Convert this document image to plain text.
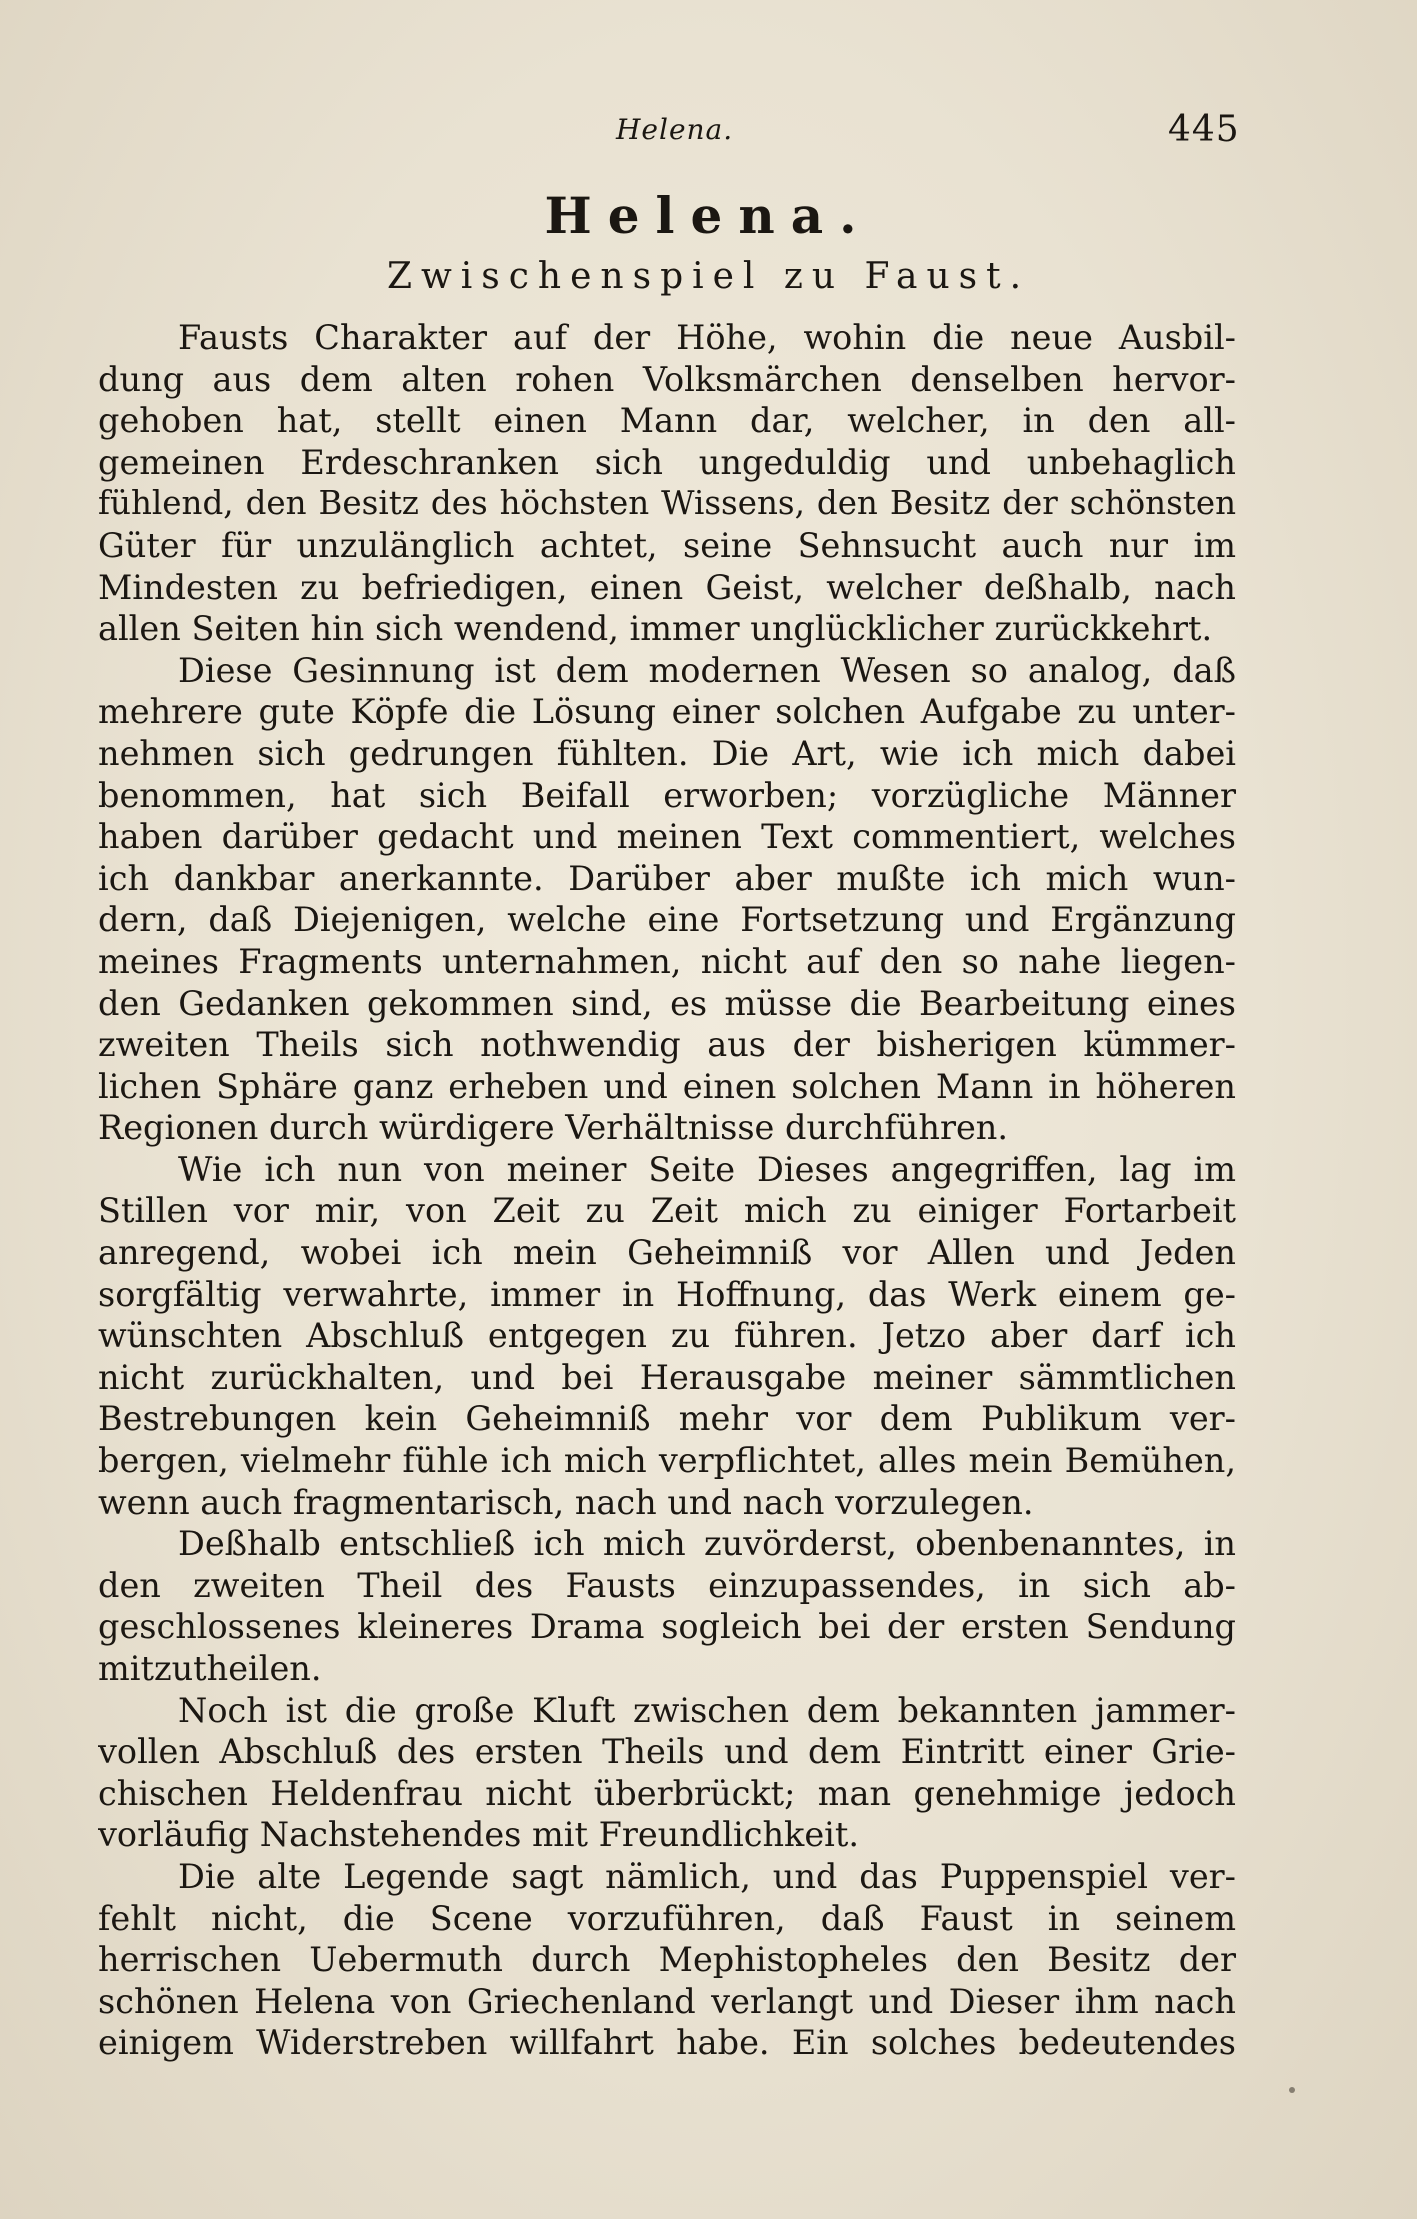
Helena.	445
Helena.
Zwischenspiel zu Faust.
Fausts Charakter auf der Höhe, wohin die neue Ausbil-
dung aus dem alten rohen Volksmärchen denselben hervor-
gehoben hat, stellt einen Mann dar, welcher, in den all-
gemeinen Erdeschranken sich ungeduldig und unbehaglich
fühlend, den Besitz des höchsten Wissens, den Besitz der schönsten
Güter für unzulänglich achtet, seine Sehnsucht auch nur im
Mindesten zu befriedigen, einen Geist, welcher deßhalb, nach
allen Seiten hin sich wendend, immer unglücklicher zurückkehrt.
Diese Gesinnung ist dem modernen Wesen so analog, daß
mehrere gute Köpfe die Lösung einer solchen Aufgabe zu unter-
nehmen sich gedrungen fühlten. Die Art, wie ich mich dabei
benommen, hat sich Beifall erworben; vorzügliche Männer
haben darüber gedacht und meinen Text commentiert, welches
ich dankbar anerkannte. Darüber aber mußte ich mich wun-
dern, daß Diejenigen, welche eine Fortsetzung und Ergänzung
meines Fragments unternahmen, nicht auf den so nahe liegen-
den Gedanken gekommen sind, es müsse die Bearbeitung eines
zweiten Theils sich nothwendig aus der bisherigen kümmer-
lichen Sphäre ganz erheben und einen solchen Mann in höheren
Regionen durch würdigere Verhältnisse durchführen.
Wie ich nun von meiner Seite Dieses angegriffen, lag im
Stillen vor mir, von Zeit zu Zeit mich zu einiger Fortarbeit
anregend, wobei ich mein Geheimniß vor Allen und Jeden
sorgfältig verwahrte, immer in Hoffnung, das Werk einem ge-
wünschten Abschluß entgegen zu führen. Jetzo aber darf ich
nicht zurückhalten, und bei Herausgabe meiner sämmtlichen
Bestrebungen kein Geheimniß mehr vor dem Publikum ver-
bergen, vielmehr fühle ich mich verpflichtet, alles mein Bemühen,
wenn auch fragmentarisch, nach und nach vorzulegen.
Deßhalb entschließ ich mich zuvörderst, obenbenanntes, in
den zweiten Theil des Fausts einzupassendes, in sich ab-
geschlossenes kleineres Drama sogleich bei der ersten Sendung
mitzutheilen.
Noch ist die große Kluft zwischen dem bekannten jammer-
vollen Abschluß des ersten Theils und dem Eintritt einer Grie-
chischen Heldenfrau nicht überbrückt; man genehmige jedoch
vorläufig Nachstehendes mit Freundlichkeit.
Die alte Legende sagt nämlich, und das Puppenspiel ver-
fehlt nicht, die Scene vorzuführen, daß Faust in seinem
herrischen Uebermuth durch Mephistopheles den Besitz der
schönen Helena von Griechenland verlangt und Dieser ihm nach
einigem Widerstreben willfahrt habe. Ein solches bedeutendes
